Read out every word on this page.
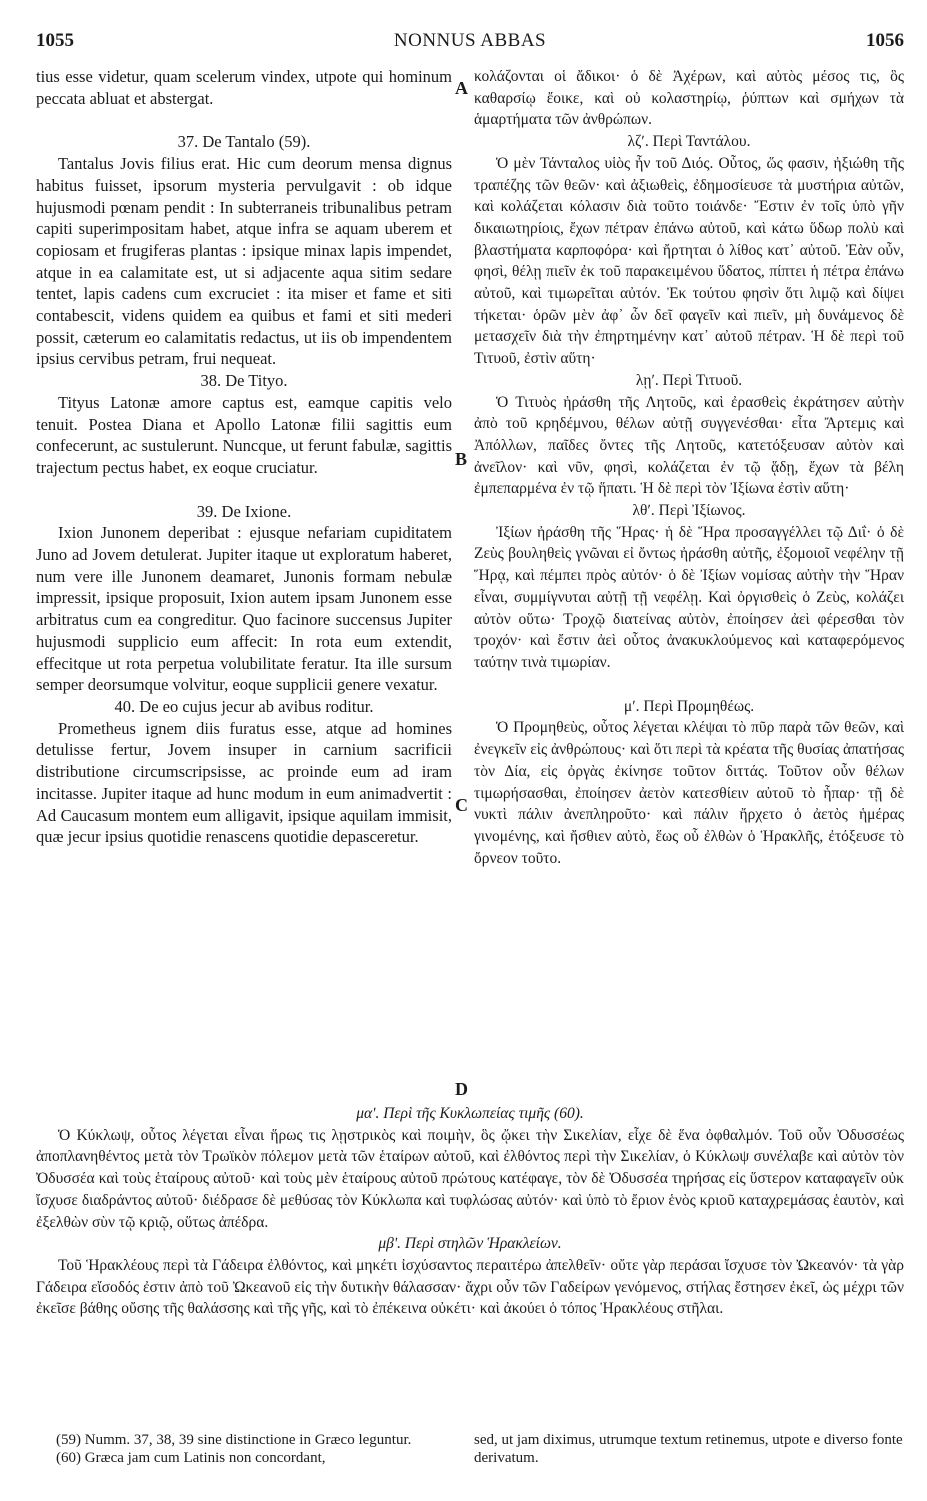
1055	NONNUS ABBAS	1056
A
B
C
D

tius esse videtur, quam scelerum vindex, utpote qui hominum peccata abluat et abstergat.

37. De Tantalo (59).

Tantalus Jovis filius erat. Hic cum deorum mensa dignus habitus fuisset, ipsorum mysteria pervulgavit : ob idque hujusmodi pœnam pendit : In subterraneis tribunalibus petram capiti superimpositam habet, atque infra se aquam uberem et copiosam et frugiferas plantas : ipsique minax lapis impendet, atque in ea calamitate est, ut si adjacente aqua sitim sedare tentet, lapis cadens cum excruciet : ita miser et fame et siti contabescit, videns quidem ea quibus et fami et siti mederi possit, cæterum eo calamitatis redactus, ut iis ob impendentem ipsius cervibus petram, frui nequeat.

38. De Tityo.

Tityus Latonæ amore captus est, eamque capitis velo tenuit. Postea Diana et Apollo Latonæ filii sagittis eum confecerunt, ac sustulerunt. Nuncque, ut ferunt fabulæ, sagittis trajectum pectus habet, ex eoque cruciatur.

39. De Ixione.

Ixion Junonem deperibat : ejusque nefariam cupiditatem Juno ad Jovem detulerat. Jupiter itaque ut exploratum haberet, num vere ille Junonem deamaret, Junonis formam nebulæ impressit, ipsique proposuit, Ixion autem ipsam Junonem esse arbitratus cum ea congreditur. Quo facinore succensus Jupiter hujusmodi supplicio eum affecit: In rota eum extendit, effecitque ut rota perpetua volubilitate feratur. Ita ille sursum semper deorsumque volvitur, eoque supplicii genere vexatur.

40. De eo cujus jecur ab avibus roditur.

Prometheus ignem diis furatus esse, atque ad homines detulisse fertur, Jovem insuper in carnium sacrificii distributione circumscripsisse, ac proinde eum ad iram incitasse. Jupiter itaque ad hunc modum in eum animadvertit : Ad Caucasum montem eum alligavit, ipsique aquilam immisit, quæ jecur ipsius quotidie renascens quotidie depasceretur.

κολάζονται οἱ ἄδικοι· ὁ δὲ Ἀχέρων, καὶ αὐτὸς μέσος τις, ὃς καθαρσίῳ ἔοικε, καὶ οὐ κολαστηρίῳ, ῥύπτων καὶ σμήχων τὰ ἁμαρτήματα τῶν ἀνθρώπων.

λζʹ. Περὶ Ταντάλου.

Ὁ μὲν Τάνταλος υἱὸς ἦν τοῦ Διός. Οὗτος, ὥς φασιν, ἠξιώθη τῆς τραπέζης τῶν θεῶν· καὶ ἀξιωθεὶς, ἐδημοσίευσε τὰ μυστήρια αὐτῶν, καὶ κολάζεται κόλασιν διὰ τοῦτο τοιάνδε· Ἔστιν ἐν τοῖς ὑπὸ γῆν δικαιωτηρίοις, ἔχων πέτραν ἐπάνω αὐτοῦ, καὶ κάτω ὕδωρ πολὺ καὶ βλαστήματα καρποφόρα· καὶ ἤρτηται ὁ λίθος κατ᾽ αὐτοῦ. Ἐὰν οὖν, φησὶ, θέλῃ πιεῖν ἐκ τοῦ παρακειμένου ὕδατος, πίπτει ἡ πέτρα ἐπάνω αὐτοῦ, καὶ τιμωρεῖται αὐτόν. Ἐκ τούτου φησὶν ὅτι λιμῷ καὶ δίψει τήκεται· ὁρῶν μὲν ἀφ᾽ ὧν δεῖ φαγεῖν καὶ πιεῖν, μὴ δυνάμενος δὲ μετασχεῖν διὰ τὴν ἐπηρτημένην κατ᾽ αὐτοῦ πέτραν. Ἡ δὲ περὶ τοῦ Τιτυοῦ, ἐστὶν αὕτη·

λῃʹ. Περὶ Τιτυοῦ.

Ὁ Τιτυὸς ἠράσθη τῆς Λητοῦς, καὶ ἐρασθεὶς ἐκράτησεν αὐτὴν ἀπὸ τοῦ κρηδέμνου, θέλων αὐτῇ συγγενέσθαι· εἶτα Ἄρτεμις καὶ Ἀπόλλων, παῖδες ὄντες τῆς Λητοῦς, κατετόξευσαν αὐτὸν καὶ ἀνεῖλον· καὶ νῦν, φησὶ, κολάζεται ἐν τῷ ᾅδῃ, ἔχων τὰ βέλη ἐμπεπαρμένα ἐν τῷ ἥπατι. Ἡ δὲ περὶ τὸν Ἰξίωνα ἐστὶν αὕτη·

λθʹ. Περὶ Ἰξίωνος.

Ἰξίων ἠράσθη τῆς Ἥρας· ἡ δὲ Ἥρα προσαγγέλλει τῷ Διΐ· ὁ δὲ Ζεὺς βουληθεὶς γνῶναι εἰ ὄντως ἠράσθη αὐτῆς, ἐξομοιοῖ νεφέλην τῇ Ἥρᾳ, καὶ πέμπει πρὸς αὐτόν· ὁ δὲ Ἰξίων νομίσας αὐτὴν τὴν Ἥραν εἶναι, συμμίγνυται αὐτῇ τῇ νεφέλῃ. Καὶ ὀργισθεὶς ὁ Ζεὺς, κολάζει αὐτὸν οὕτω· Τροχῷ διατείνας αὐτὸν, ἐποίησεν ἀεὶ φέρεσθαι τὸν τροχόν· καὶ ἔστιν ἀεὶ οὗτος ἀνακυκλούμενος καὶ καταφερόμενος ταύτην τινὰ τιμωρίαν.

μʹ. Περὶ Προμηθέως.

Ὁ Προμηθεὺς, οὗτος λέγεται κλέψαι τὸ πῦρ παρὰ τῶν θεῶν, καὶ ἐνεγκεῖν εἰς ἀνθρώπους· καὶ ὅτι περὶ τὰ κρέατα τῆς θυσίας ἀπατήσας τὸν Δία, εἰς ὀργὰς ἐκίνησε τοῦτον διττάς. Τοῦτον οὖν θέλων τιμωρήσασθαι, ἐποίησεν ἀετὸν κατεσθίειν αὐτοῦ τὸ ἧπαρ· τῇ δὲ νυκτὶ πάλιν ἀνεπληροῦτο· καὶ πάλιν ἤρχετο ὁ ἀετὸς ἡμέρας γινομένης, καὶ ἤσθιεν αὐτὸ, ἕως οὗ ἐλθὼν ὁ Ἡρακλῆς, ἐτόξευσε τὸ ὄρνεον τοῦτο.

μαʹ. Περὶ τῆς Κυκλωπείας τιμῆς (60).

Ὁ Κύκλωψ, οὗτος λέγεται εἶναι ἥρως τις λῃστρικὸς καὶ ποιμὴν, ὃς ᾤκει τὴν Σικελίαν, εἶχε δὲ ἕνα ὀφθαλμόν. Τοῦ οὖν Ὀδυσσέως ἀποπλανηθέντος μετὰ τὸν Τρωϊκὸν πόλεμον μετὰ τῶν ἑταίρων αὐτοῦ, καὶ ἐλθόντος περὶ τὴν Σικελίαν, ὁ Κύκλωψ συνέλαβε καὶ αὐτὸν τὸν Ὀδυσσέα καὶ τοὺς ἑταίρους αὐτοῦ· καὶ τοὺς μὲν ἑταίρους αὐτοῦ πρώτους κατέφαγε, τὸν δὲ Ὀδυσσέα τηρήσας εἰς ὕστερον καταφαγεῖν οὐκ ἴσχυσε διαδράντος αὐτοῦ· διέδρασε δὲ μεθύσας τὸν Κύκλωπα καὶ τυφλώσας αὐτόν· καὶ ὑπὸ τὸ ἔριον ἑνὸς κριοῦ καταχρεμάσας ἑαυτὸν, καὶ ἐξελθὼν σὺν τῷ κριῷ, οὕτως ἀπέδρα.

μβʹ. Περὶ στηλῶν Ἡρακλείων.

Τοῦ Ἡρακλέους περὶ τὰ Γάδειρα ἐλθόντος, καὶ μηκέτι ἰσχύσαντος περαιτέρω ἀπελθεῖν· οὔτε γὰρ περάσαι ἴσχυσε τὸν Ὠκεανόν· τὰ γὰρ Γάδειρα εἴσοδός ἐστιν ἀπὸ τοῦ Ὠκεανοῦ εἰς τὴν δυτικὴν θάλασσαν· ἄχρι οὖν τῶν Γαδείρων γενόμενος, στήλας ἔστησεν ἐκεῖ, ὡς μέχρι τῶν ἐκεῖσε βάθης οὔσης τῆς θαλάσσης καὶ τῆς γῆς, καὶ τὸ ἐπέκεινα οὐκέτι· καὶ ἀκούει ὁ τόπος Ἡρακλέους στῆλαι.

(59) Numm. 37, 38, 39 sine distinctione in Græco leguntur.

(60) Græca jam cum Latinis non concordant,

sed, ut jam diximus, utrumque textum retinemus, utpote e diverso fonte derivatum.
